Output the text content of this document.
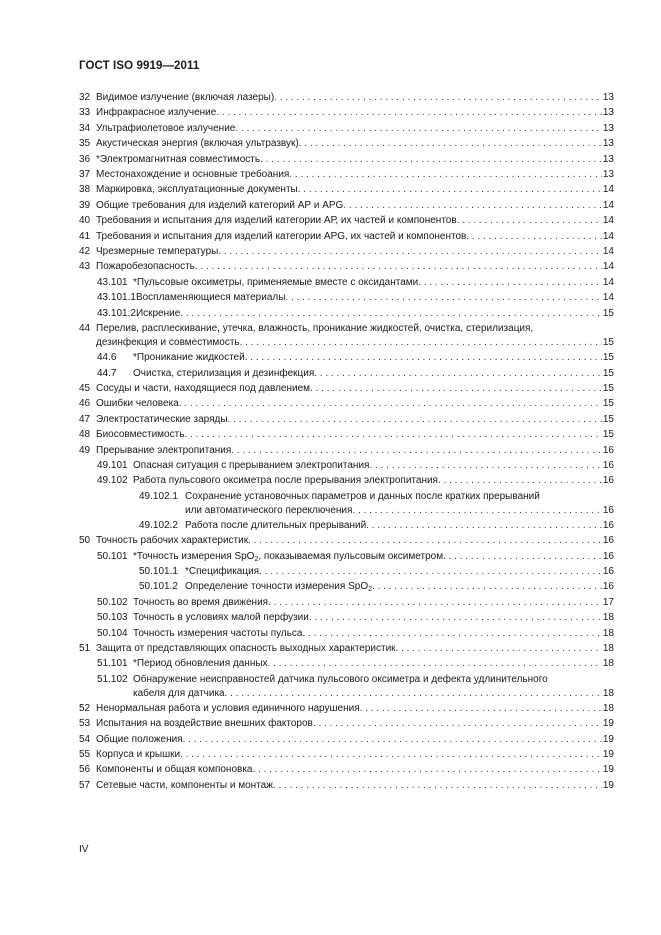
ГОСТ ISO 9919—2011
32 Видимое излучение (включая лазеры) . . .	13
33 Инфракрасное излучение . . .	13
34 Ультрафиолетовое излучение . . .	13
35 Акустическая энергия (включая ультразвук) . . .	13
36 *Электромагнитная совместимость . . .	13
37 Местонахождение и основные требоания . . .	13
38 Маркировка, эксплуатационные документы . . .	14
39 Общие требования для изделий категорий АР и APG . . .	14
40 Требования и испытания для изделий категории АР, их частей и компонентов . . .	14
41 Требования и испытания для изделий категории APG, их частей и компонентов . . .	14
42 Чрезмерные температуры . . .	14
43 Пожаробезопасность . . .	14
43.101 *Пульсовые оксиметры, применяемые вместе с оксидантами . . .	14
43.101.1 Воспламеняющиеся материалы . . .	14
43.101.2 Искрение . . .	15
44 Перелив, расплескивание, утечка, влажность, проникание жидкостей, очистка, стерилизация,
дезинфекция и совместимость . . .	15
44.6	*Проникание жидкостей . . .	15
44.7	Очистка, стерилизация и дезинфекция . . .	15
45 Сосуды и части, находящиеся под давлением . . .	15
46 Ошибки человека . . .	15
47 Электростатические заряды . . .	15
48 Биосовместимость . . .	15
49 Прерывание электропитания . . .	16
49.101 Опасная ситуация с прерыванием электропитания . . .	16
49.102 Работа пульсового оксиметра после прерывания электропитания . . .	16
49.102.1 Сохранение установочных параметров и данных после кратких прерываний
или автоматического переключения . . .	16
49.102.2 Работа после длительных прерываний . . .	16
50 Точность рабочих характеристик . . .	16
50.101 *Точность измерения SpO$_2$, показываемая пульсовым оксиметром . . .	16
50.101.1 *Спецификация . . .	16
50.101.2 Определение точности измерения SpO$_2$ . . .	16
50.102 Точность во время движения . . .	17
50.103 Точность в условиях малой перфузии . . .	18
50.104 Точность измерения частоты пульса . . .	18
51 Защита от представляющих опасность выходных характеристик . . .	18
51.101 *Период обновления данных . . .	18
51.102 Обнаружение неисправностей датчика пульсового оксиметра и дефекта удлинительного
кабеля для датчика . . .	18
52 Ненормальная работа и условия единичного нарушения . . .	18
53 Испытания на воздействие внешних факторов . . .	19
54 Общие положения . . .	19
55 Корпуса и крышки . . .	19
56 Компоненты и общая компоновка . . .	19
57 Сетевые части, компоненты и монтаж . . .	19
IV
